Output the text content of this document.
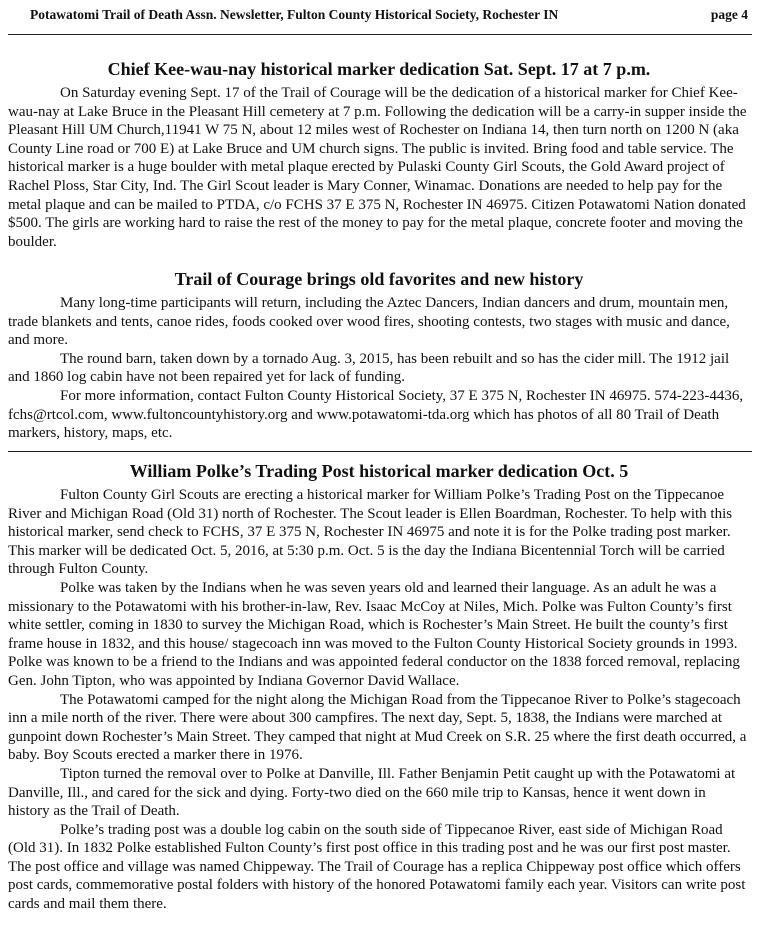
Potawatomi Trail of Death Assn. Newsletter, Fulton County Historical Society, Rochester IN	page 4
Chief Kee-wau-nay historical marker dedication Sat. Sept. 17 at 7 p.m.

On Saturday evening Sept. 17 of the Trail of Courage will be the dedication of a historical marker for Chief Kee-wau-nay at Lake Bruce in the Pleasant Hill cemetery at 7 p.m. Following the dedication will be a carry-in supper inside the Pleasant Hill UM Church,11941 W 75 N, about 12 miles west of Rochester on Indiana 14, then turn north on 1200 N (aka County Line road or 700 E) at Lake Bruce and UM church signs. The public is invited. Bring food and table service. The historical marker is a huge boulder with metal plaque erected by Pulaski County Girl Scouts, the Gold Award project of Rachel Ploss, Star City, Ind. The Girl Scout leader is Mary Conner, Winamac. Donations are needed to help pay for the metal plaque and can be mailed to PTDA, c/o FCHS 37 E 375 N, Rochester IN 46975. Citizen Potawatomi Nation donated $500. The girls are working hard to raise the rest of the money to pay for the metal plaque, concrete footer and moving the boulder.

Trail of Courage brings old favorites and new history

Many long-time participants will return, including the Aztec Dancers, Indian dancers and drum, mountain men, trade blankets and tents, canoe rides, foods cooked over wood fires, shooting contests, two stages with music and dance, and more.

The round barn, taken down by a tornado Aug. 3, 2015, has been rebuilt and so has the cider mill. The 1912 jail and 1860 log cabin have not been repaired yet for lack of funding.

For more information, contact Fulton County Historical Society, 37 E 375 N, Rochester IN 46975. 574-223-4436, fchs@rtcol.com, www.fultoncountyhistory.org and www.potawatomi-tda.org which has photos of all 80 Trail of Death markers, history, maps, etc.

William Polke’s Trading Post historical marker dedication Oct. 5

Fulton County Girl Scouts are erecting a historical marker for William Polke’s Trading Post on the Tippecanoe River and Michigan Road (Old 31) north of Rochester. The Scout leader is Ellen Boardman, Rochester. To help with this historical marker, send check to FCHS, 37 E 375 N, Rochester IN 46975 and note it is for the Polke trading post marker. This marker will be dedicated Oct. 5, 2016, at 5:30 p.m. Oct. 5 is the day the Indiana Bicentennial Torch will be carried through Fulton County.

Polke was taken by the Indians when he was seven years old and learned their language. As an adult he was a missionary to the Potawatomi with his brother-in-law, Rev. Isaac McCoy at Niles, Mich. Polke was Fulton County’s first white settler, coming in 1830 to survey the Michigan Road, which is Rochester’s Main Street. He built the county’s first frame house in 1832, and this house/ stagecoach inn was moved to the Fulton County Historical Society grounds in 1993. Polke was known to be a friend to the Indians and was appointed federal conductor on the 1838 forced removal, replacing Gen. John Tipton, who was appointed by Indiana Governor David Wallace.

The Potawatomi camped for the night along the Michigan Road from the Tippecanoe River to Polke’s stagecoach inn a mile north of the river. There were about 300 campfires. The next day, Sept. 5, 1838, the Indians were marched at gunpoint down Rochester’s Main Street. They camped that night at Mud Creek on S.R. 25 where the first death occurred, a baby. Boy Scouts erected a marker there in 1976.

Tipton turned the removal over to Polke at Danville, Ill. Father Benjamin Petit caught up with the Potawatomi at Danville, Ill., and cared for the sick and dying. Forty-two died on the 660 mile trip to Kansas, hence it went down in history as the Trail of Death.

Polke’s trading post was a double log cabin on the south side of Tippecanoe River, east side of Michigan Road (Old 31). In 1832 Polke established Fulton County’s first post office in this trading post and he was our first post master. The post office and village was named Chippeway. The Trail of Courage has a replica Chippeway post office which offers post cards, commemorative postal folders with history of the honored Potawatomi family each year. Visitors can write post cards and mail them there.
